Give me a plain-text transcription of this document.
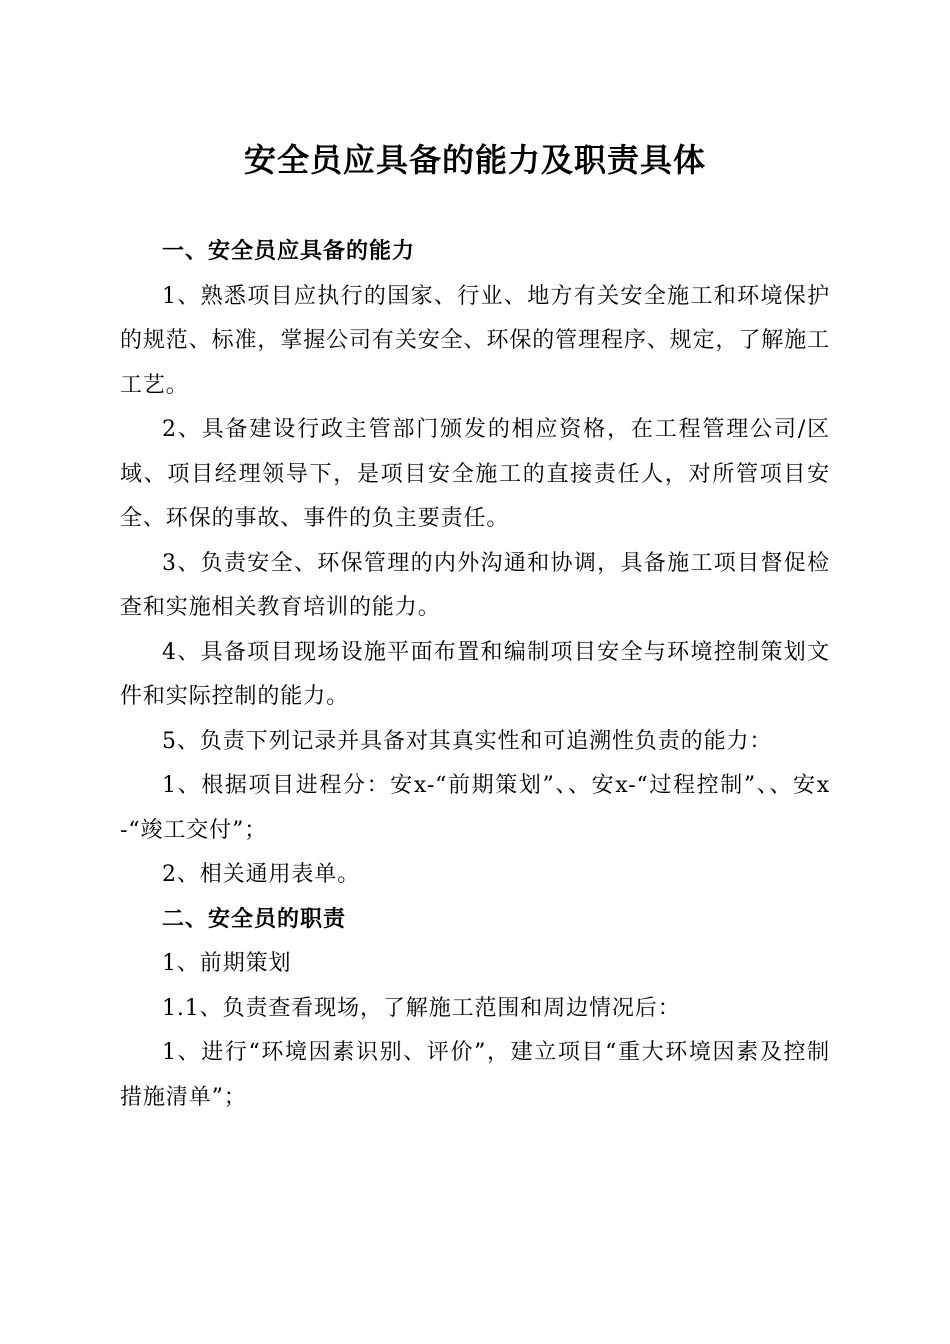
安全员应具备的能力及职责具体

一、安全员应具备的能力

1、熟悉项目应执行的国家、行业、地方有关安全施工和环境保护的规范、标准，掌握公司有关安全、环保的管理程序、规定，了解施工工艺。

2、具备建设行政主管部门颁发的相应资格，在工程管理公司/区域、项目经理领导下，是项目安全施工的直接责任人，对所管项目安全、环保的事故、事件的负主要责任。

3、负责安全、环保管理的内外沟通和协调，具备施工项目督促检查和实施相关教育培训的能力。

4、具备项目现场设施平面布置和编制项目安全与环境控制策划文件和实际控制的能力。

5、负责下列记录并具备对其真实性和可追溯性负责的能力：

1、根据项目进程分：安x-“前期策划”、、安x-“过程控制”、、安x-“竣工交付”；

2、相关通用表单。

二、安全员的职责

1、前期策划

1.1、负责查看现场，了解施工范围和周边情况后：

1、进行“环境因素识别、评价”，建立项目“重大环境因素及控制措施清单”；
